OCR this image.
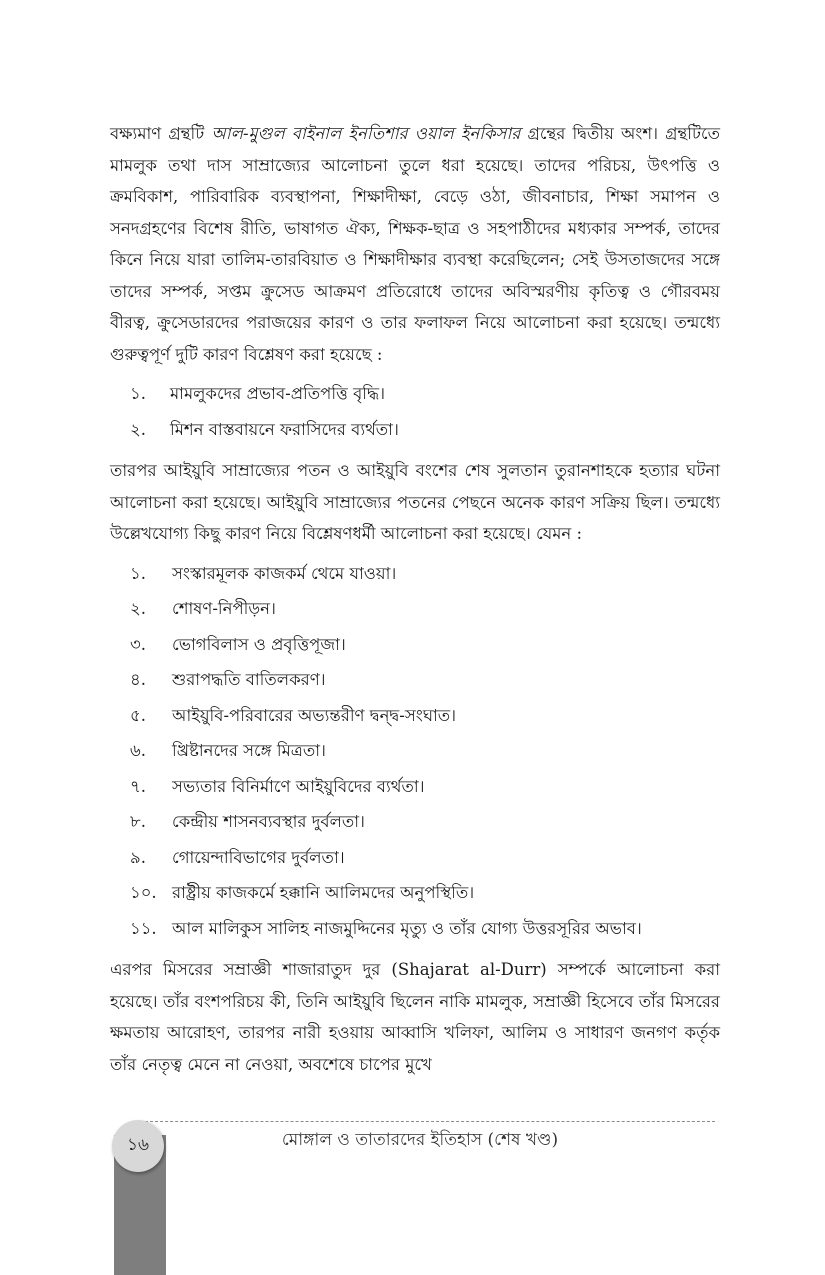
বক্ষ্যমাণ গ্রন্থটি আল-মুগুল বাইনাল ইনতিশার ওয়াল ইনকিসার গ্রন্থের দ্বিতীয় অংশ। গ্রন্থটিতে মামলুক তথা দাস সাম্রাজ্যের আলোচনা তুলে ধরা হয়েছে। তাদের পরিচয়, উৎপত্তি ও ক্রমবিকাশ, পারিবারিক ব্যবস্থাপনা, শিক্ষাদীক্ষা, বেড়ে ওঠা, জীবনাচার, শিক্ষা সমাপন ও সনদগ্রহণের বিশেষ রীতি, ভাষাগত ঐক্য, শিক্ষক-ছাত্র ও সহপাঠীদের মধ্যকার সম্পর্ক, তাদের কিনে নিয়ে যারা তালিম-তারবিয়াত ও শিক্ষাদীক্ষার ব্যবস্থা করেছিলেন; সেই উসতাজদের সঙ্গে তাদের সম্পর্ক, সপ্তম ক্রুসেড আক্রমণ প্রতিরোধে তাদের অবিস্মরণীয় কৃতিত্ব ও গৌরবময় বীরত্ব, ক্রুসেডারদের পরাজয়ের কারণ ও তার ফলাফল নিয়ে আলোচনা করা হয়েছে। তন্মধ্যে গুরুত্বপূর্ণ দুটি কারণ বিশ্লেষণ করা হয়েছে :

১.	মামলুকদের প্রভাব-প্রতিপত্তি বৃদ্ধি।
২.	মিশন বাস্তবায়নে ফরাসিদের ব্যর্থতা।

তারপর আইয়ুবি সাম্রাজ্যের পতন ও আইয়ুবি বংশের শেষ সুলতান তুরানশাহকে হত্যার ঘটনা আলোচনা করা হয়েছে। আইয়ুবি সাম্রাজ্যের পতনের পেছনে অনেক কারণ সক্রিয় ছিল। তন্মধ্যে উল্লেখযোগ্য কিছু কারণ নিয়ে বিশ্লেষণধর্মী আলোচনা করা হয়েছে। যেমন :

১.	সংস্কারমূলক কাজকর্ম থেমে যাওয়া।
২.	শোষণ-নিপীড়ন।
৩.	ভোগবিলাস ও প্রবৃত্তিপূজা।
৪.	শুরাপদ্ধতি বাতিলকরণ।
৫.	আইয়ুবি-পরিবারের অভ্যন্তরীণ দ্বন্দ্ব-সংঘাত।
৬.	খ্রিষ্টানদের সঙ্গে মিত্রতা।
৭.	সভ্যতার বিনির্মাণে আইয়ুবিদের ব্যর্থতা।
৮.	কেন্দ্রীয় শাসনব্যবস্থার দুর্বলতা।
৯.	গোয়েন্দাবিভাগের দুর্বলতা।
১০. রাষ্ট্রীয় কাজকর্মে হক্কানি আলিমদের অনুপস্থিতি।
১১. আল মালিকুস সালিহ নাজমুদ্দিনের মৃত্যু ও তাঁর যোগ্য উত্তরসূরির অভাব।

এরপর মিসরের সম্রাজ্ঞী শাজারাতুদ দুর (Shajarat al-Durr) সম্পর্কে আলোচনা করা হয়েছে। তাঁর বংশপরিচয় কী, তিনি আইয়ুবি ছিলেন নাকি মামলুক, সম্রাজ্ঞী হিসেবে তাঁর মিসরের ক্ষমতায় আরোহণ, তারপর নারী হওয়ায় আব্বাসি খলিফা, আলিম ও সাধারণ জনগণ কর্তৃক তাঁর নেতৃত্ব মেনে না নেওয়া, অবশেষে চাপের মুখে

১৬	মোঙ্গাল ও তাতারদের ইতিহাস (শেষ খণ্ড)
